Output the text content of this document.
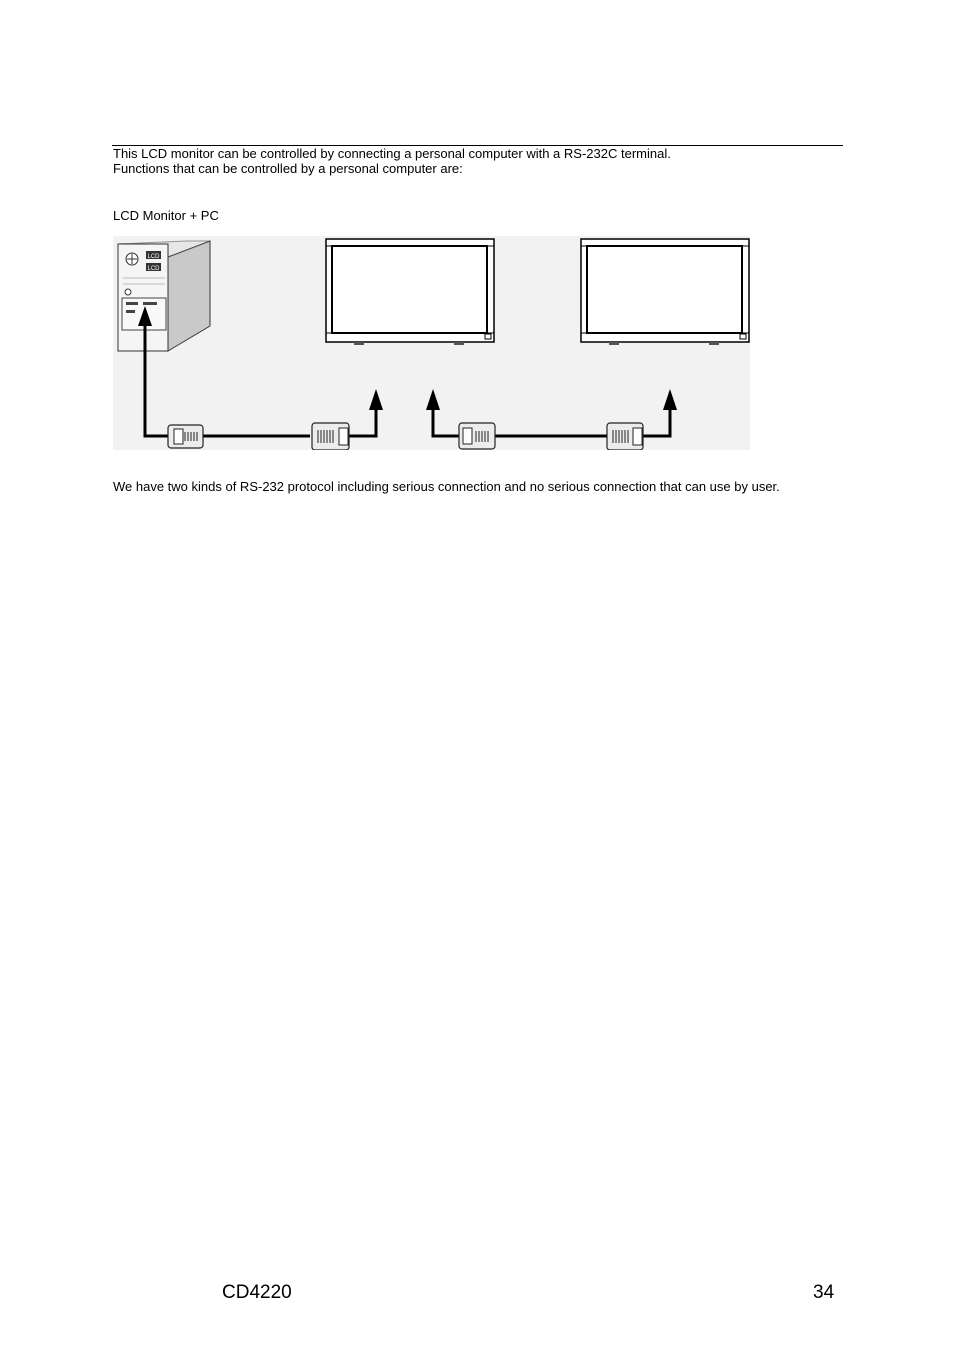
This LCD monitor can be controlled by connecting a personal computer with a RS-232C terminal.
Functions that can be controlled by a personal computer are:
LCD Monitor + PC
LCD
LCD
We have two kinds of RS-232 protocol including serious connection and no serious connection that can use by user.
CD4220	34
